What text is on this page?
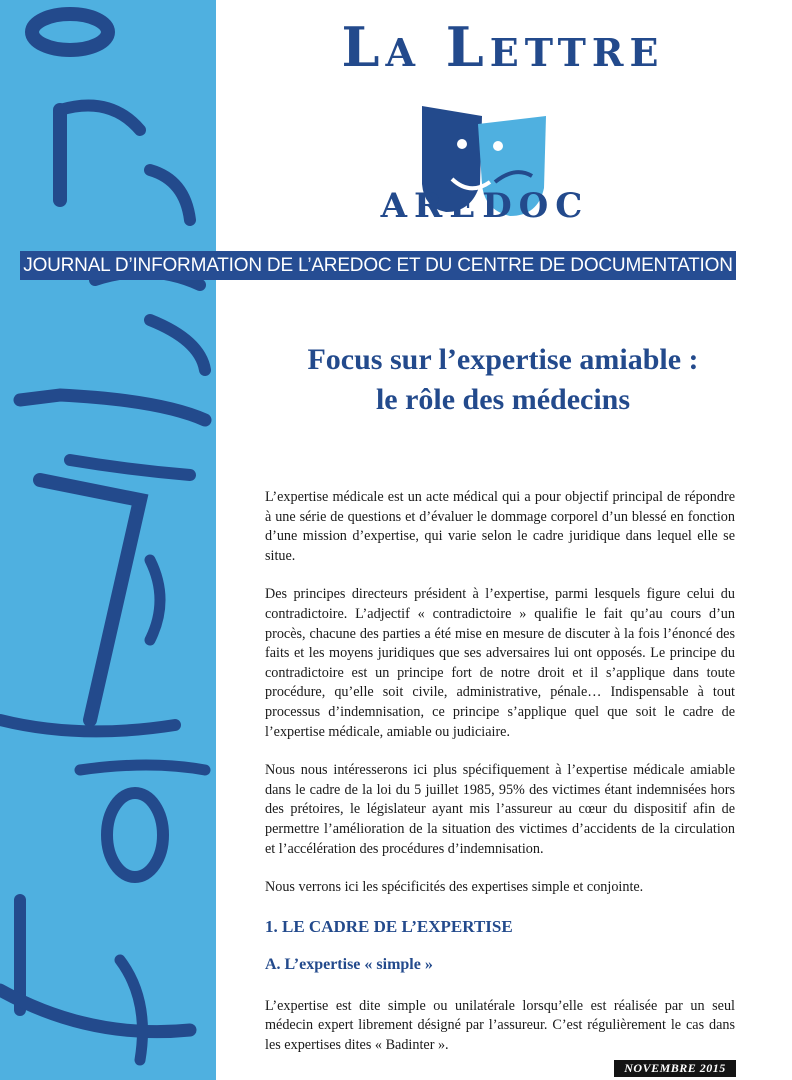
La Lettre
AREDOC
JOURNAL D’INFORMATION DE L’AREDOC ET DU CENTRE DE DOCUMENTATION
Focus sur l’expertise amiable :
le rôle des médecins

L’expertise médicale est un acte médical qui a pour objectif principal de répondre à une série de questions et d’évaluer le dommage corporel d’un blessé en fonction d’une mission d’expertise, qui varie selon le cadre juridique dans lequel elle se situe.

Des principes directeurs président à l’expertise, parmi lesquels figure celui du contradictoire. L’adjectif « contradictoire » qualifie le fait qu’au cours d’un procès, chacune des parties a été mise en mesure de discuter à la fois l’énoncé des faits et les moyens juridiques que ses adversaires lui ont opposés. Le principe du contradictoire est un principe fort de notre droit et il s’applique dans toute procédure, qu’elle soit civile, administrative, pénale… Indispensable à tout processus d’indemnisation, ce principe s’applique quel que soit le cadre de l’expertise médicale, amiable ou judiciaire.

Nous nous intéresserons ici plus spécifiquement à l’expertise médicale amiable dans le cadre de la loi du 5 juillet 1985, 95% des victimes étant indemnisées hors des prétoires, le législateur ayant mis l’assureur au cœur du dispositif afin de permettre l’amélioration de la situation des victimes d’accidents de la circulation et l’accélération des procédures d’indemnisation.

Nous verrons ici les spécificités des expertises simple et conjointe.

1. LE CADRE DE L’EXPERTISE

A. L’expertise « simple »

L’expertise est dite simple ou unilatérale lorsqu’elle est réalisée par un seul médecin expert librement désigné par l’assureur. C’est régulièrement le cas dans les expertises dites « Badinter ».

NOVEMBRE 2015
